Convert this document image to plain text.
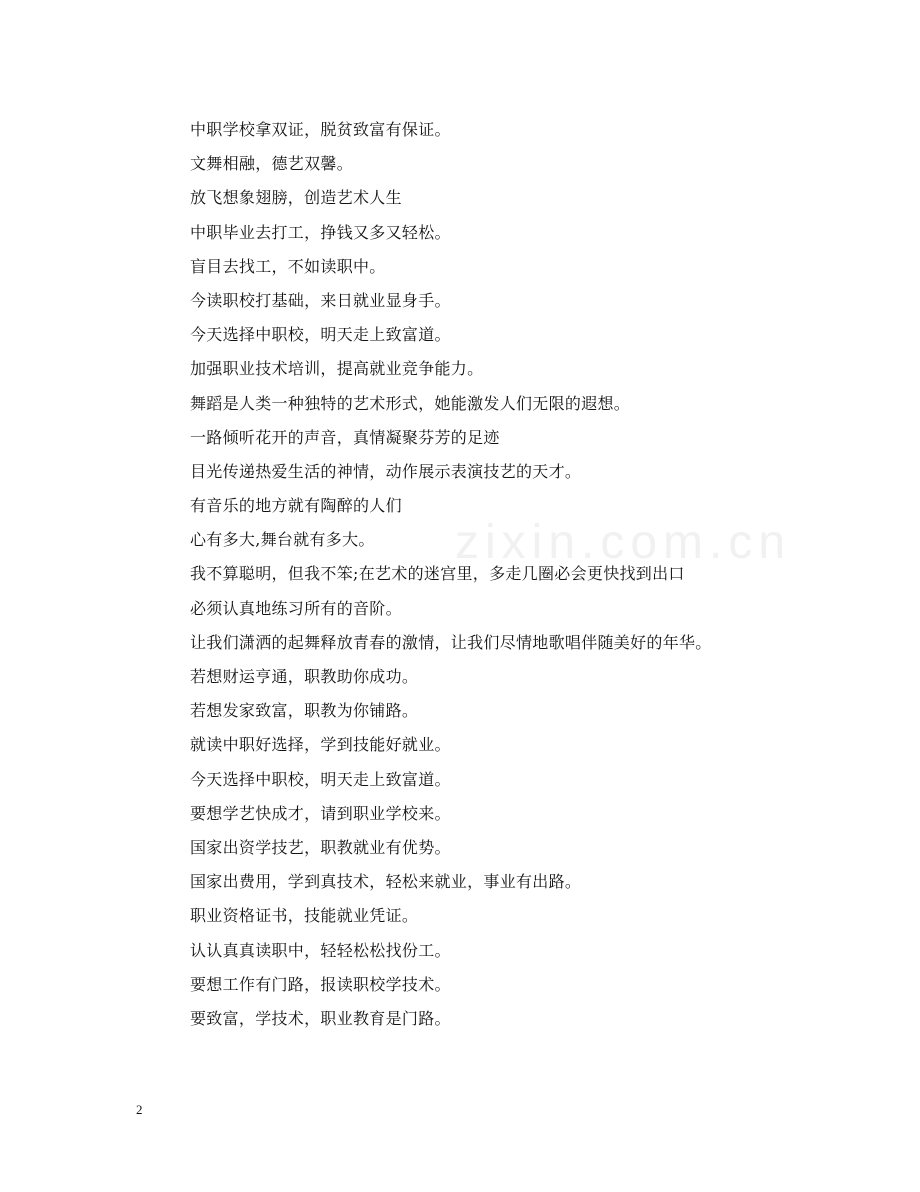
zixin.com.cn
中职学校拿双证，脱贫致富有保证。
文舞相融，德艺双馨。
放飞想象翅膀，创造艺术人生
中职毕业去打工，挣钱又多又轻松。
盲目去找工，不如读职中。
今读职校打基础，来日就业显身手。
今天选择中职校，明天走上致富道。
加强职业技术培训，提高就业竞争能力。
舞蹈是人类一种独特的艺术形式，她能激发人们无限的遐想。
一路倾听花开的声音，真情凝聚芬芳的足迹
目光传递热爱生活的神情，动作展示表演技艺的天才。
有音乐的地方就有陶醉的人们
心有多大,舞台就有多大。
我不算聪明，但我不笨;在艺术的迷宫里，多走几圈必会更快找到出口
必须认真地练习所有的音阶。
让我们潇洒的起舞释放青春的激情，让我们尽情地歌唱伴随美好的年华。
若想财运亨通，职教助你成功。
若想发家致富，职教为你铺路。
就读中职好选择，学到技能好就业。
今天选择中职校，明天走上致富道。
要想学艺快成才，请到职业学校来。
国家出资学技艺，职教就业有优势。
国家出费用，学到真技术，轻松来就业，事业有出路。
职业资格证书，技能就业凭证。
认认真真读职中，轻轻松松找份工。
要想工作有门路，报读职校学技术。
要致富，学技术，职业教育是门路。
2
